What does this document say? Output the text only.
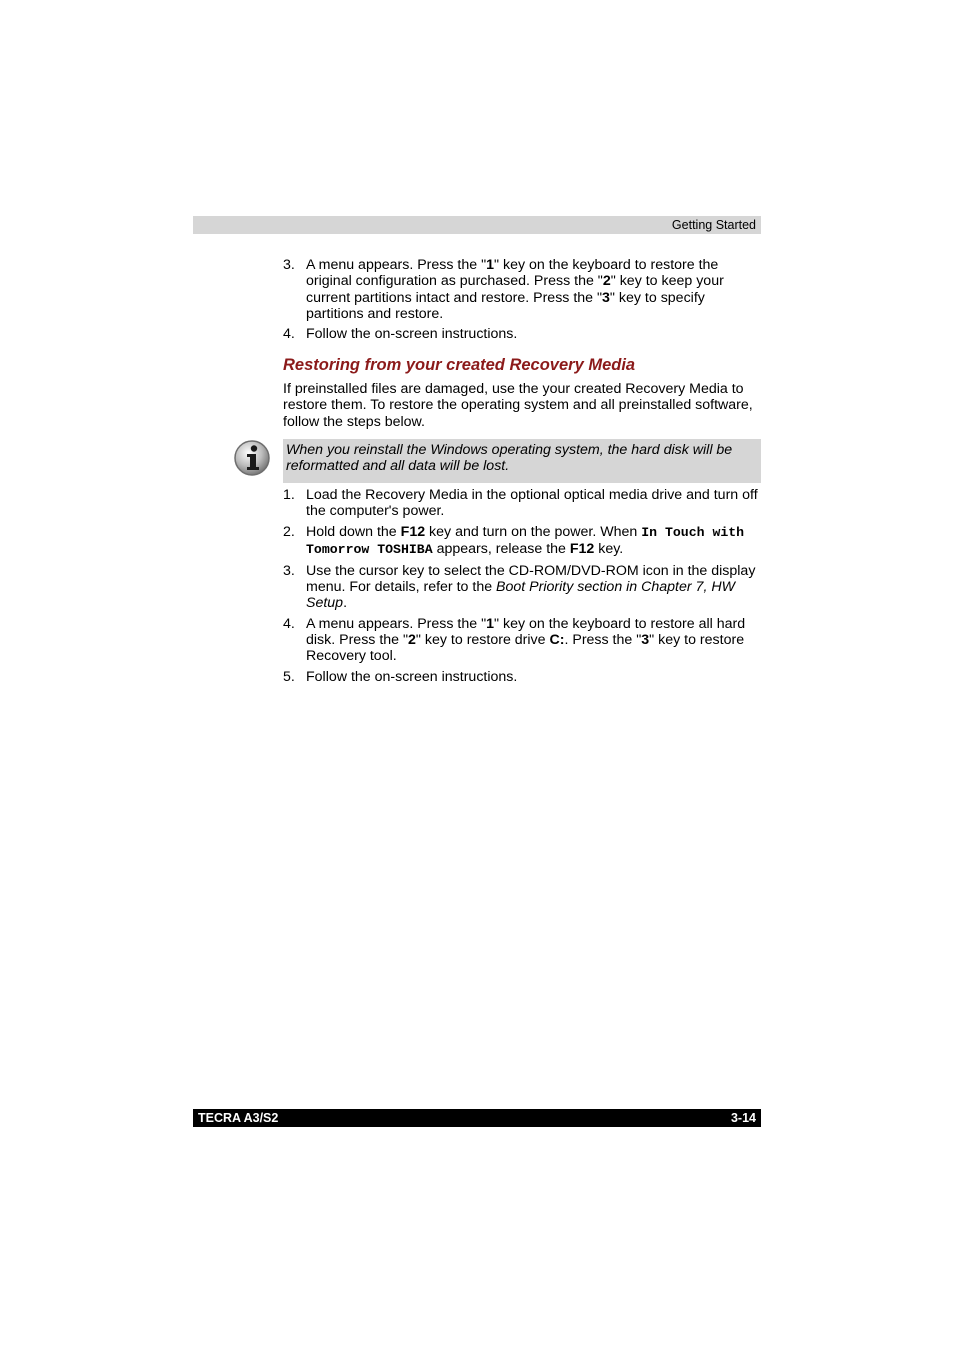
Getting Started
3. A menu appears. Press the "1" key on the keyboard to restore the original configuration as purchased. Press the "2" key to keep your current partitions intact and restore. Press the "3" key to specify partitions and restore.
4. Follow the on-screen instructions.
Restoring from your created Recovery Media
If preinstalled files are damaged, use the your created Recovery Media to restore them. To restore the operating system and all preinstalled software, follow the steps below.

When you reinstall the Windows operating system, the hard disk will be reformatted and all data will be lost.

1. Load the Recovery Media in the optional optical media drive and turn off the computer's power.
2. Hold down the F12 key and turn on the power. When In Touch with Tomorrow TOSHIBA appears, release the F12 key.
3. Use the cursor key to select the CD-ROM/DVD-ROM icon in the display menu. For details, refer to the Boot Priority section in Chapter 7, HW Setup.
4. A menu appears. Press the "1" key on the keyboard to restore all hard disk. Press the "2" key to restore drive C:. Press the "3" key to restore Recovery tool.
5. Follow the on-screen instructions.
TECRA A3/S2	3-14
